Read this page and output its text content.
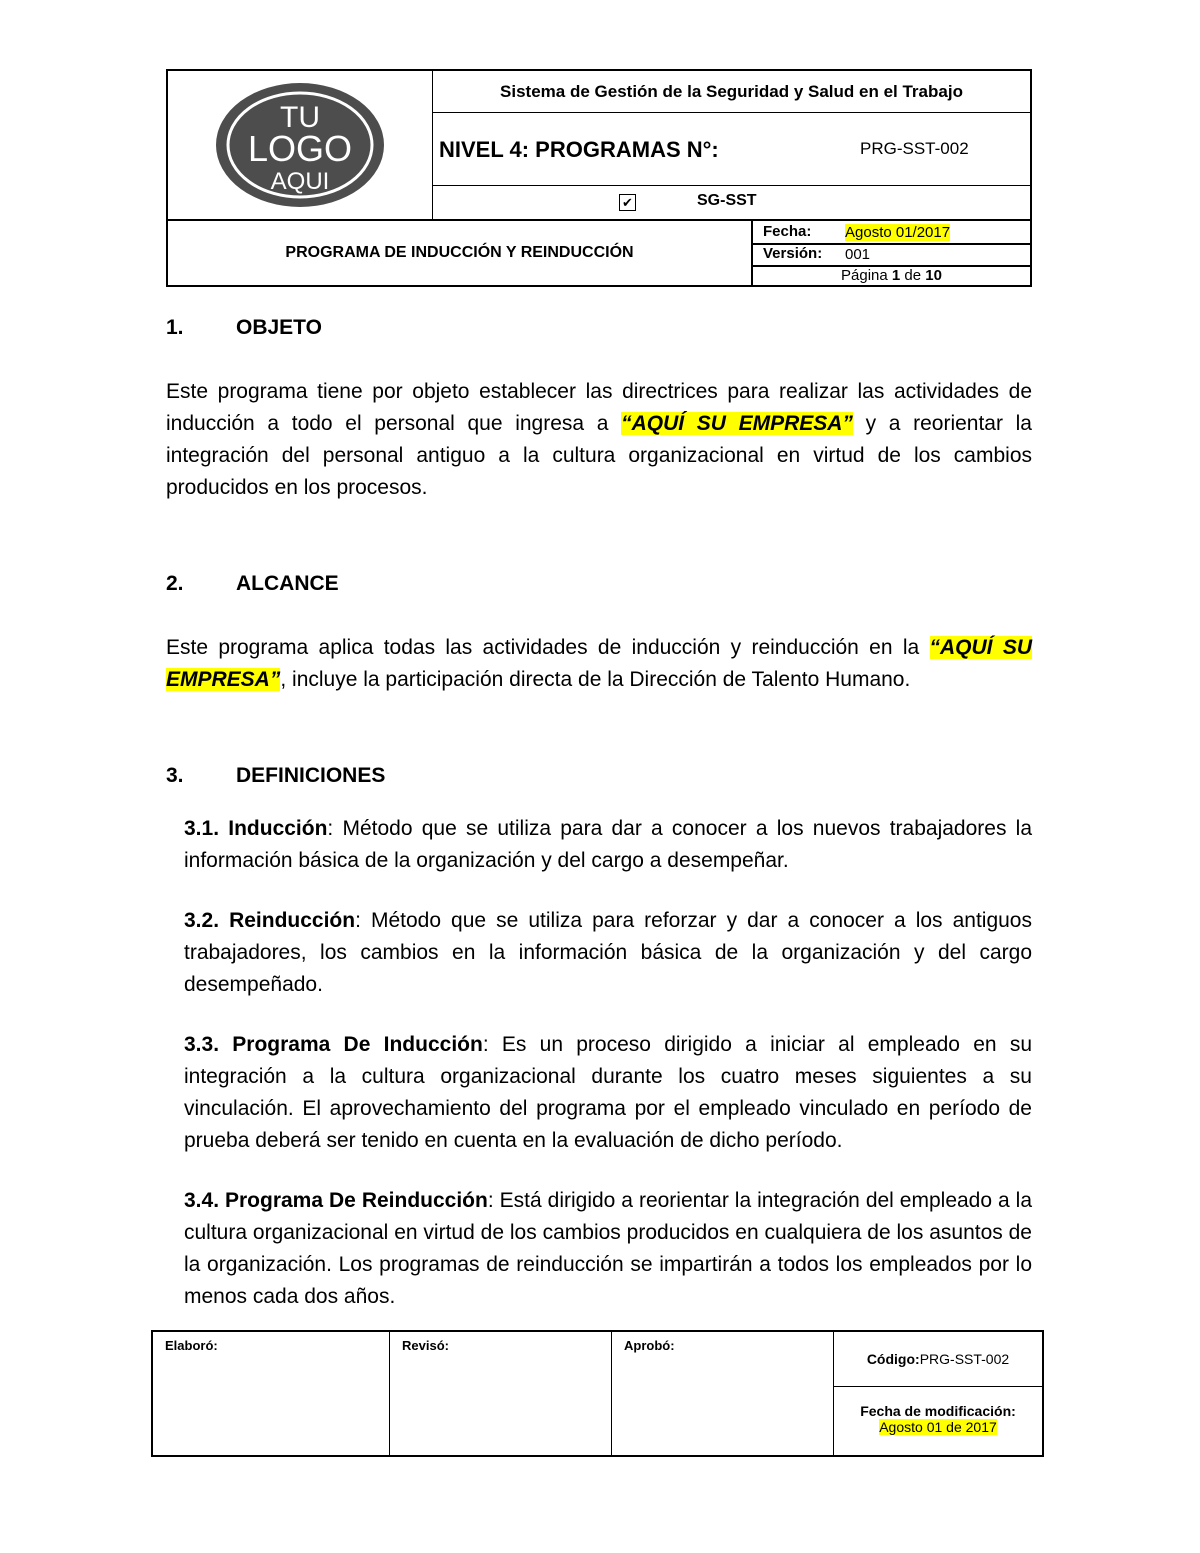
TU
LOGO
AQUI
Sistema de Gestión de la Seguridad y Salud en el Trabajo
NIVEL 4: PROGRAMAS N°:	PRG-SST-002
✔	SG-SST
PROGRAMA DE INDUCCIÓN Y REINDUCCIÓN
Fecha: Agosto 01/2017
Versión: 001
Página 1 de 10
1.	OBJETO

Este programa tiene por objeto establecer las directrices para realizar las actividades de inducción a todo el personal que ingresa a “AQUÍ SU EMPRESA” y a reorientar la integración del personal antiguo a la cultura organizacional en virtud de los cambios producidos en los procesos.

2.	ALCANCE

Este programa aplica todas las actividades de inducción y reinducción en la “AQUÍ SU EMPRESA”, incluye la participación directa de la Dirección de Talento Humano.

3.	DEFINICIONES

3.1. Inducción: Método que se utiliza para dar a conocer a los nuevos trabajadores la información básica de la organización y del cargo a desempeñar.

3.2. Reinducción: Método que se utiliza para reforzar y dar a conocer a los antiguos trabajadores, los cambios en la información básica de la organización y del cargo desempeñado.

3.3. Programa De Inducción: Es un proceso dirigido a iniciar al empleado en su integración a la cultura organizacional durante los cuatro meses siguientes a su vinculación. El aprovechamiento del programa por el empleado vinculado en período de prueba deberá ser tenido en cuenta en la evaluación de dicho período.

3.4. Programa De Reinducción: Está dirigido a reorientar la integración del empleado a la cultura organizacional en virtud de los cambios producidos en cualquiera de los asuntos de la organización. Los programas de reinducción se impartirán a todos los empleados por lo menos cada dos años.

Elaboró:	Revisó:	Aprobó:
Código: PRG-SST-002
Fecha de modificación:
Agosto 01 de 2017
